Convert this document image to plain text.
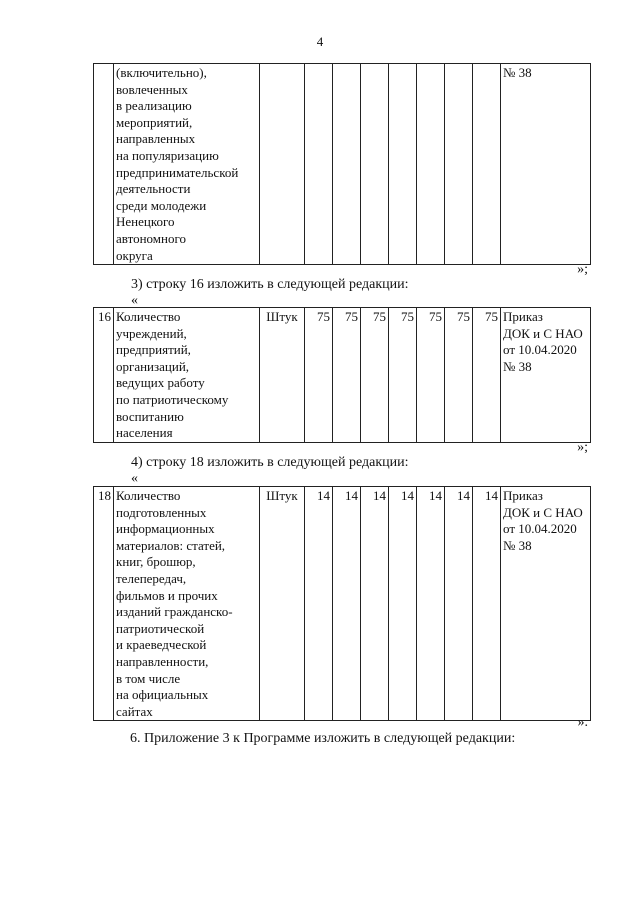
4
	(включительно),
вовлеченных
в реализацию
мероприятий,
направленных
на популяризацию
предпринимательской
деятельности
среди молодежи
Ненецкого
автономного
округа									№ 38
»;
3) строку 16 изложить в следующей редакции:
«
16	Количество
учреждений,
предприятий,
организаций,
ведущих работу
по патриотическому
воспитанию
населения	Штук	75	75	75	75	75	75	75	Приказ
ДОК и С НАО
от 10.04.2020
№ 38
»;
4) строку 18 изложить в следующей редакции:
«
18	Количество
подготовленных
информационных
материалов: статей,
книг, брошюр,
телепередач,
фильмов и прочих
изданий гражданско-
патриотической
и краеведческой
направленности,
в том числе
на официальных
сайтах	Штук	14	14	14	14	14	14	14	Приказ
ДОК и С НАО
от 10.04.2020
№ 38
».
6. Приложение 3 к Программе изложить в следующей редакции:
